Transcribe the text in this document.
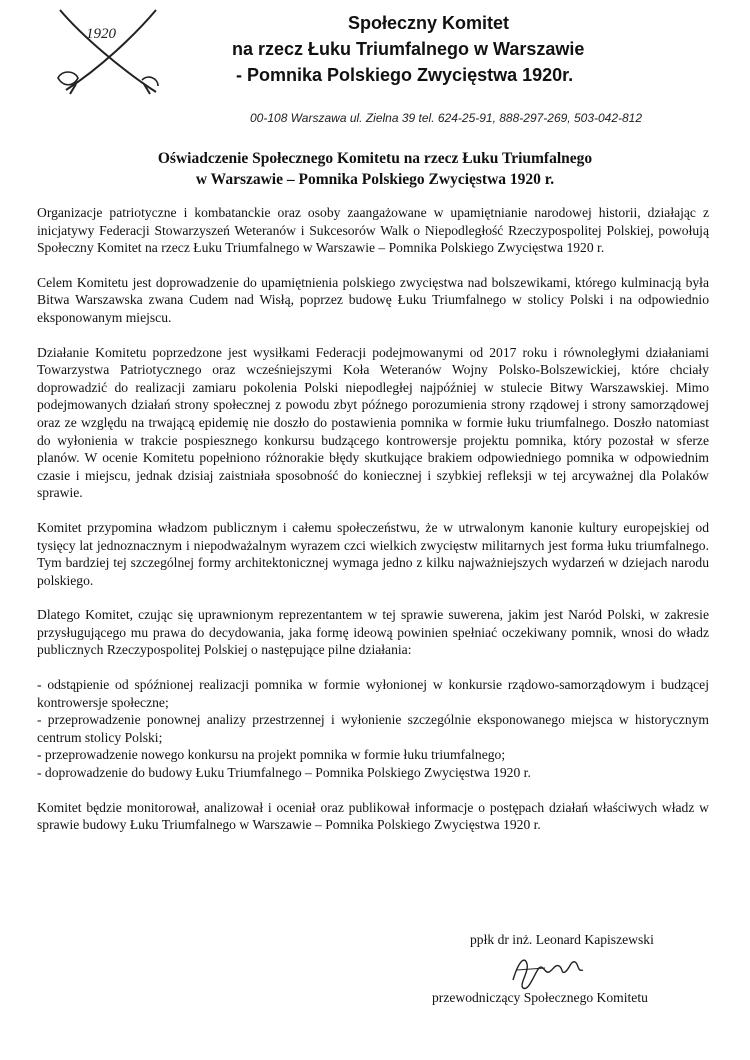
1920
Społeczny Komitet
na rzecz Łuku Triumfalnego w Warszawie
- Pomnika Polskiego Zwycięstwa 1920r.
00-108 Warszawa ul. Zielna 39 tel. 624-25-91, 888-297-269, 503-042-812
Oświadczenie Społecznego Komitetu na rzecz Łuku Triumfalnego
w Warszawie – Pomnika Polskiego Zwycięstwa 1920 r.

Organizacje patriotyczne i kombatanckie oraz osoby zaangażowane w upamiętnianie narodowej historii, działając z inicjatywy Federacji Stowarzyszeń Weteranów i Sukcesorów Walk o Niepodległość Rzeczypospolitej Polskiej, powołują Społeczny Komitet na rzecz Łuku Triumfalnego w Warszawie – Pomnika Polskiego Zwycięstwa 1920 r.

Celem Komitetu jest doprowadzenie do upamiętnienia polskiego zwycięstwa nad bolszewikami, którego kulminacją była Bitwa Warszawska zwana Cudem nad Wisłą, poprzez budowę Łuku Triumfalnego w stolicy Polski i na odpowiednio eksponowanym miejscu.

Działanie Komitetu poprzedzone jest wysiłkami Federacji podejmowanymi od 2017 roku i równoległymi działaniami Towarzystwa Patriotycznego oraz wcześniejszymi Koła Weteranów Wojny Polsko-Bolszewickiej, które chciały doprowadzić do realizacji zamiaru pokolenia Polski niepodległej najpóźniej w stulecie Bitwy Warszawskiej. Mimo podejmowanych działań strony społecznej z powodu zbyt późnego porozumienia strony rządowej i strony samorządowej oraz ze względu na trwającą epidemię nie doszło do postawienia pomnika w formie łuku triumfalnego. Doszło natomiast do wyłonienia w trakcie pospiesznego konkursu budzącego kontrowersje projektu pomnika, który pozostał w sferze planów. W ocenie Komitetu popełniono różnorakie błędy skutkujące brakiem odpowiedniego pomnika w odpowiednim czasie i miejscu, jednak dzisiaj zaistniała sposobność do koniecznej i szybkiej refleksji w tej arcyważnej dla Polaków sprawie.

Komitet przypomina władzom publicznym i całemu społeczeństwu, że w utrwalonym kanonie kultury europejskiej od tysięcy lat jednoznacznym i niepodważalnym wyrazem czci wielkich zwycięstw militarnych jest forma łuku triumfalnego. Tym bardziej tej szczególnej formy architektonicznej wymaga jedno z kilku najważniejszych wydarzeń w dziejach narodu polskiego.

Dlatego Komitet, czując się uprawnionym reprezentantem w tej sprawie suwerena, jakim jest Naród Polski, w zakresie przysługującego mu prawa do decydowania, jaka formę ideową powinien spełniać oczekiwany pomnik, wnosi do władz publicznych Rzeczypospolitej Polskiej o następujące pilne działania:

- odstąpienie od spóźnionej realizacji pomnika w formie wyłonionej w konkursie rządowo-samorządowym i budzącej kontrowersje społeczne;
- przeprowadzenie ponownej analizy przestrzennej i wyłonienie szczególnie eksponowanego miejsca w historycznym centrum stolicy Polski;
- przeprowadzenie nowego konkursu na projekt pomnika w formie łuku triumfalnego;
- doprowadzenie do budowy Łuku Triumfalnego – Pomnika Polskiego Zwycięstwa 1920 r.

Komitet będzie monitorował, analizował i oceniał oraz publikował informacje o postępach działań właściwych władz w sprawie budowy Łuku Triumfalnego w Warszawie – Pomnika Polskiego Zwycięstwa 1920 r.

ppłk dr inż. Leonard Kapiszewski
przewodniczący Społecznego Komitetu
